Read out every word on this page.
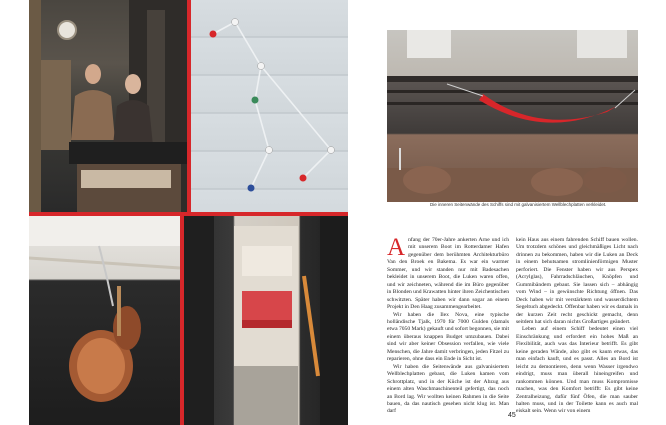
Die inneren Seitenwände des Schiffs sind mit galvanisiertem Wellblechplatten verkleidet.

Anfang der 70er-Jahre ankerten Arne und ich mit unserem Boot im Rotterdamer Hafen gegenüber dem berühmten Architekturbüro Van den Broek en Bakema. Es war ein warmer Sommer, und wir standen nur mit Badesachen bekleidet in unserem Boot, die Luken waren offen, und wir zeichneten, während die im Büro gegenüber in Blonden und Krawatten hinter ihren Zeichentischen schwitzten. Später haben wir dann sogar an einem Projekt in Den Haag zusammengearbeitet.

Wir haben die Ilex Nova, eine typische holländische Tjalk, 1970 für 7000 Gulden (damals etwa 7050 Mark) gekauft und sofort begonnen, sie mit einem überaus knappen Budget umzubauen. Dabei sind wir aber keiner Obsession verfallen, wie viele Menschen, die Jahre damit verbringen, jeden Fitzel zu reparieren, ohne dass ein Ende in Sicht ist.

Wir haben die Seitenwände aus galvanisiertem Wellblechplatten gebaut, die Luken kamen vom Schrottplatz, und in der Küche ist der Abzug aus einem alten Waschmaschinenteil gefertigt, das noch an Bord lag. Wir wollten keinen Rahmen in die Seite bauen, da das nautisch gesehen nicht klug ist. Man darf

kein Haus aus einem fahrenden Schiff bauen wollen. Um trotzdem schönes und gleichmäßiges Licht nach drinnen zu bekommen, haben wir die Luken an Deck in einem behutsamen stromlinienförmigen Muster perforiert. Die Fenster haben wir aus Perspex (Acrylglas), Fahrradschläuchen, Knöpfen und Gummibändern gebaut. Sie lassen sich – abhängig vom Wind – in gewünschte Richtung öffnen. Das Deck haben wir mit verstärktem und wasserdichtem Segeltuch abgedeckt. Offenbar haben wir es damals in der kurzen Zeit recht geschickt gemacht, denn seitdem hat sich daran nichts Großartiges geändert.

Leben auf einem Schiff bedeutet einen viel Einschränkung und erfordert ein hohes Maß an Flexibilität, auch was das Interieur betrifft. Es gibt keine geraden Wände, also gibt es kaum etwas, das man einfach kauft, und es passt. Alles an Bord ist leicht zu demontieren, denn wenn Wasser irgendwo eindrigt, muss man überall hineingreifen und rankommen können. Und man muss Kompromisse machen, was den Komfort betrifft: Es gibt keine Zentralheizung, dafür fünf Öfen, die man sauber halten muss, und in der Toilette kann es auch mal eiskalt sein. Wenn wir von einem

45
